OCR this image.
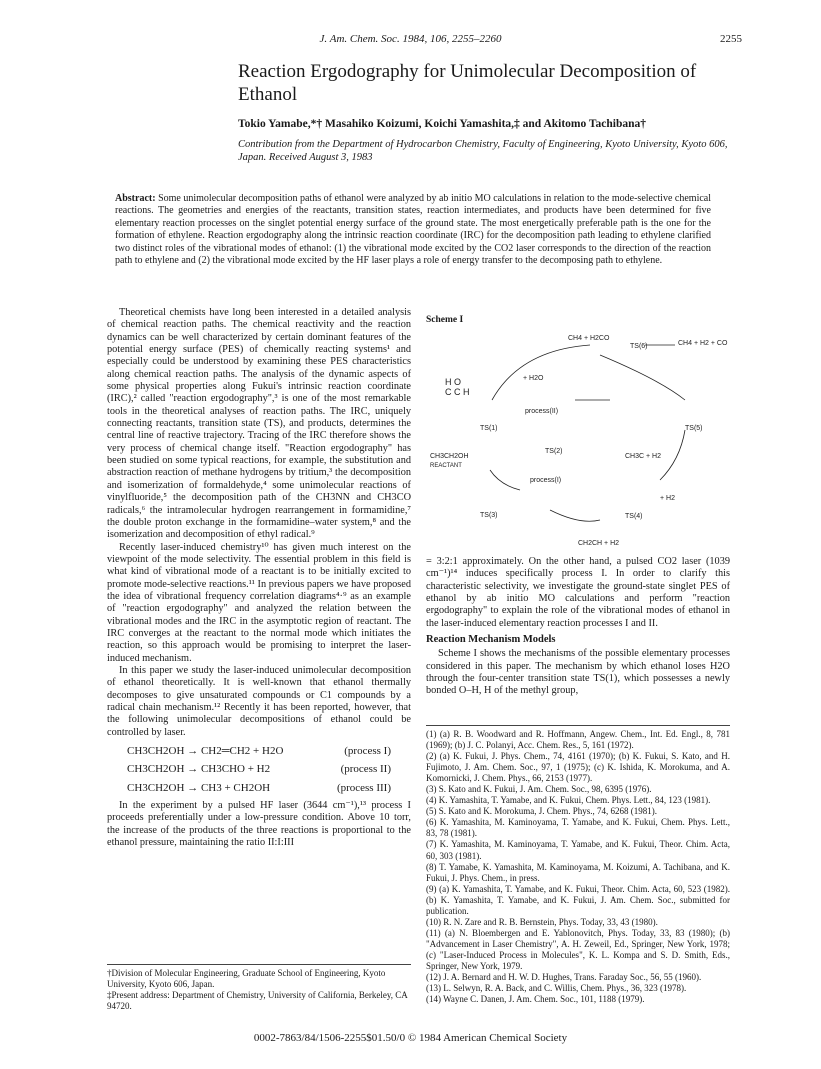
J. Am. Chem. Soc. 1984, 106, 2255–2260	2255
Reaction Ergodography for Unimolecular Decomposition of Ethanol
Tokio Yamabe,*† Masahiko Koizumi, Koichi Yamashita,‡ and Akitomo Tachibana†
Contribution from the Department of Hydrocarbon Chemistry, Faculty of Engineering, Kyoto University, Kyoto 606, Japan. Received August 3, 1983
Abstract: Some unimolecular decomposition paths of ethanol were analyzed by ab initio MO calculations in relation to the mode-selective chemical reactions. The geometries and energies of the reactants, transition states, reaction intermediates, and products have been determined for five elementary reaction processes on the singlet potential energy surface of the ground state. The most energetically preferable path is the one for the formation of ethylene. Reaction ergodography along the intrinsic reaction coordinate (IRC) for the decomposition path leading to ethylene clarified two distinct roles of the vibrational modes of ethanol: (1) the vibrational mode excited by the CO2 laser corresponds to the direction of the reaction path to ethylene and (2) the vibrational mode excited by the HF laser plays a role of energy transfer to the decomposing path to ethylene.

Theoretical chemists have long been interested in a detailed analysis of chemical reaction paths. The chemical reactivity and the reaction dynamics can be well characterized by certain dominant features of the potential energy surface (PES) of chemically reacting systems¹ and especially could be understood by examining these PES characteristics along chemical reaction paths. The analysis of the dynamic aspects of some physical properties along Fukui's intrinsic reaction coordinate (IRC),² called "reaction ergodography",³ is one of the most remarkable tools in the theoretical analyses of reaction paths. The IRC, uniquely connecting reactants, transition state (TS), and products, determines the central line of reactive trajectory. Tracing of the IRC therefore shows the very process of chemical change itself. "Reaction ergodography" has been studied on some typical reactions, for example, the substitution and abstraction reaction of methane hydrogens by tritium,³ the decomposition and isomerization of formaldehyde,⁴ some unimolecular reactions of vinylfluoride,⁵ the decomposition path of the CH3NN and CH3CO radicals,⁶ the intramolecular hydrogen rearrangement in formamidine,⁷ the double proton exchange in the formamidine–water system,⁸ and the isomerization and decomposition of ethyl radical.⁹

Recently laser-induced chemistry¹⁰ has given much interest on the viewpoint of the mode selectivity. The essential problem in this field is what kind of vibrational mode of a reactant is to be initially excited to promote mode-selective reactions.¹¹ In previous papers we have proposed the idea of vibrational frequency correlation diagrams⁴·⁹ as an example of "reaction ergodography" and analyzed the relation between the vibrational modes and the IRC in the asymptotic region of reactant. The IRC converges at the reactant to the normal mode which initiates the reaction, so this approach would be promising to interpret the laser-induced mechanism.

In this paper we study the laser-induced unimolecular decomposition of ethanol theoretically. It is well-known that ethanol thermally decomposes to give unsaturated compounds or C1 compounds by a radical chain mechanism.¹² Recently it has been reported, however, that the following unimolecular decompositions of ethanol could be controlled by laser.

CH3CH2OH → CH2═CH2 + H2O	(process I)
CH3CH2OH → CH3CHO + H2	(process II)
CH3CH2OH → CH3 + CH2OH	(process III)

In the experiment by a pulsed HF laser (3644 cm⁻¹),¹³ process I proceeds preferentially under a low-pressure condition. Above 10 torr, the increase of the products of the three reactions is proportional to the ethanol pressure, maintaining the ratio II:I:III

†Division of Molecular Engineering, Graduate School of Engineering, Kyoto University, Kyoto 606, Japan.
‡Present address: Department of Chemistry, University of California, Berkeley, CA 94720.
Scheme I
CH4 + H2CO
CH4 + H2 + CO
TS(6)
H O
C C H
+ H2O
process(II)
TS(1)
TS(2)
CH3CH2OH
REACTANT
process(I)
CH3C + H2
TS(5)
TS(3)
+ H2
TS(4)
CH2CH + H2

= 3:2:1 approximately. On the other hand, a pulsed CO2 laser (1039 cm⁻¹)¹⁴ induces specifically process I. In order to clarify this characteristic selectivity, we investigate the ground-state singlet PES of ethanol by ab initio MO calculations and perform "reaction ergodography" to explain the role of the vibrational modes of ethanol in the laser-induced elementary reaction processes I and II.

Reaction Mechanism Models

Scheme I shows the mechanisms of the possible elementary processes considered in this paper. The mechanism by which ethanol loses H2O through the four-center transition state TS(1), which possesses a newly bonded O–H, H of the methyl group,

(1) (a) R. B. Woodward and R. Hoffmann, Angew. Chem., Int. Ed. Engl., 8, 781 (1969); (b) J. C. Polanyi, Acc. Chem. Res., 5, 161 (1972).
(2) (a) K. Fukui, J. Phys. Chem., 74, 4161 (1970); (b) K. Fukui, S. Kato, and H. Fujimoto, J. Am. Chem. Soc., 97, 1 (1975); (c) K. Ishida, K. Morokuma, and A. Komornicki, J. Chem. Phys., 66, 2153 (1977).
(3) S. Kato and K. Fukui, J. Am. Chem. Soc., 98, 6395 (1976).
(4) K. Yamashita, T. Yamabe, and K. Fukui, Chem. Phys. Lett., 84, 123 (1981).
(5) S. Kato and K. Morokuma, J. Chem. Phys., 74, 6268 (1981).
(6) K. Yamashita, M. Kaminoyama, T. Yamabe, and K. Fukui, Chem. Phys. Lett., 83, 78 (1981).
(7) K. Yamashita, M. Kaminoyama, T. Yamabe, and K. Fukui, Theor. Chim. Acta, 60, 303 (1981).
(8) T. Yamabe, K. Yamashita, M. Kaminoyama, M. Koizumi, A. Tachibana, and K. Fukui, J. Phys. Chem., in press.
(9) (a) K. Yamashita, T. Yamabe, and K. Fukui, Theor. Chim. Acta, 60, 523 (1982). (b) K. Yamashita, T. Yamabe, and K. Fukui, J. Am. Chem. Soc., submitted for publication.
(10) R. N. Zare and R. B. Bernstein, Phys. Today, 33, 43 (1980).
(11) (a) N. Bloembergen and E. Yablonovitch, Phys. Today, 33, 83 (1980); (b) "Advancement in Laser Chemistry", A. H. Zeweil, Ed., Springer, New York, 1978; (c) "Laser-Induced Process in Molecules", K. L. Kompa and S. D. Smith, Eds., Springer, New York, 1979.
(12) J. A. Bernard and H. W. D. Hughes, Trans. Faraday Soc., 56, 55 (1960).
(13) L. Selwyn, R. A. Back, and C. Willis, Chem. Phys., 36, 323 (1978).
(14) Wayne C. Danen, J. Am. Chem. Soc., 101, 1188 (1979).
0002-7863/84/1506-2255$01.50/0 © 1984 American Chemical Society
